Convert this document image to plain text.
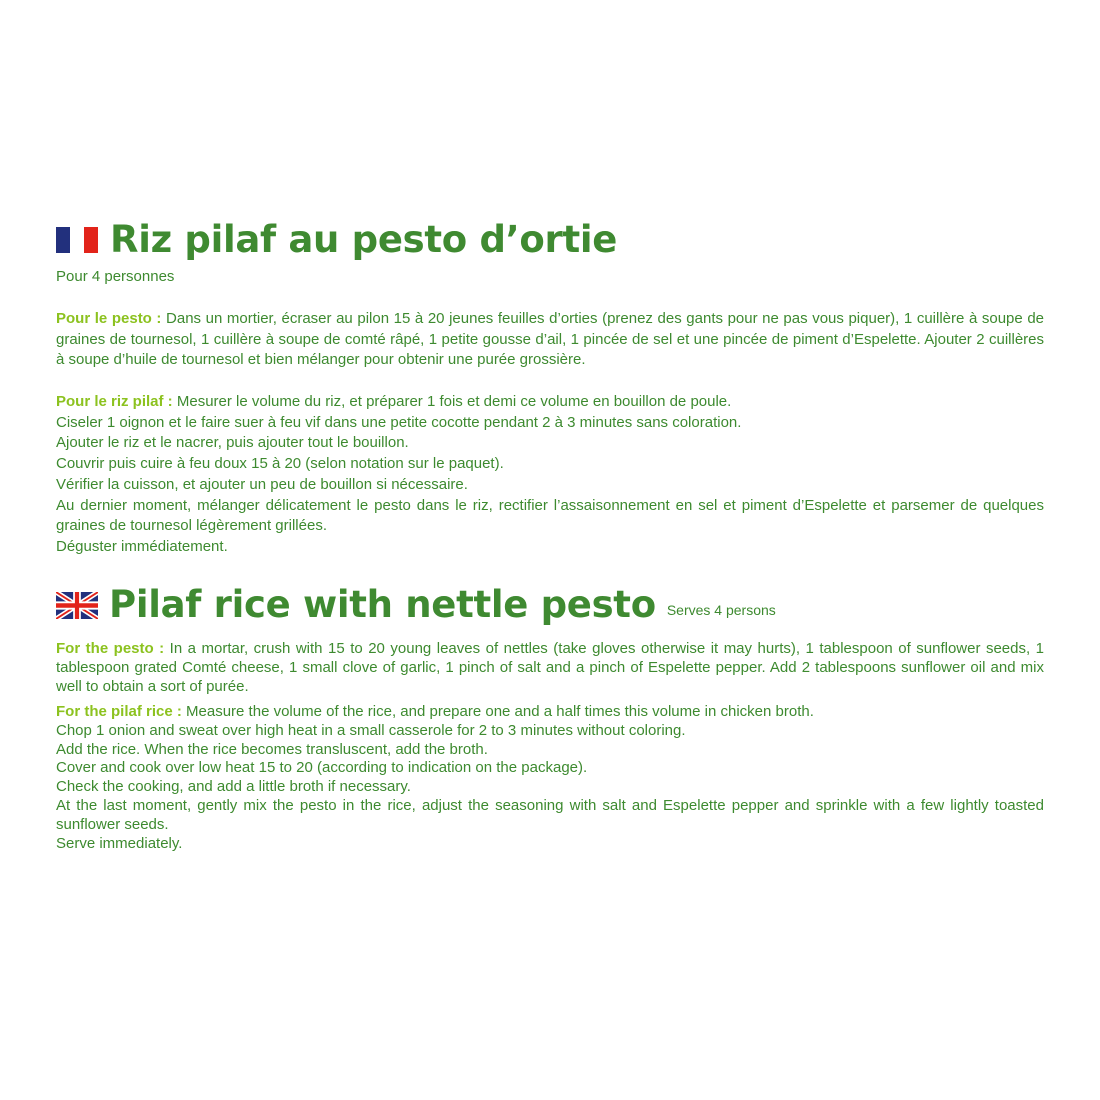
Riz pilaf au pesto d’ortie
Pour 4 personnes
Pour le pesto : Dans un mortier, écraser au pilon 15 à 20 jeunes feuilles d’orties (prenez des gants pour ne pas vous piquer), 1 cuillère à soupe de graines de tournesol, 1 cuillère à soupe de comté râpé, 1 petite gousse d’ail, 1 pincée de sel et une pincée de piment d’Espelette. Ajouter 2 cuillères à soupe d’huile de tournesol et bien mélanger pour obtenir une purée grossière.
Pour le riz pilaf : Mesurer le volume du riz, et préparer 1 fois et demi ce volume en bouillon de poule.
Ciseler 1 oignon et le faire suer à feu vif dans une petite cocotte pendant 2 à 3 minutes sans coloration.
Ajouter le riz et le nacrer, puis ajouter tout le bouillon.
Couvrir puis cuire à feu doux 15 à 20 (selon notation sur le paquet).
Vérifier la cuisson, et ajouter un peu de bouillon si nécessaire.
Au dernier moment, mélanger délicatement le pesto dans le riz, rectifier l’assaisonnement en sel et piment d’Espelette et parsemer de quelques graines de tournesol légèrement grillées.
Déguster immédiatement.
Pilaf rice with nettle pesto Serves 4 persons
For the pesto : In a mortar, crush with 15 to 20 young leaves of nettles (take gloves otherwise it may hurts), 1 tablespoon of sunflower seeds, 1 tablespoon grated Comté cheese, 1 small clove of garlic, 1 pinch of salt and a pinch of Espelette pepper. Add 2 tablespoons sunflower oil and mix well to obtain a sort of purée.
For the pilaf rice : Measure the volume of the rice, and prepare one and a half times this volume in chicken broth.
Chop 1 onion and sweat over high heat in a small casserole for 2 to 3 minutes without coloring.
Add the rice. When the rice becomes transluscent, add the broth.
Cover and cook over low heat 15 to 20 (according to indication on the package).
Check the cooking, and add a little broth if necessary.
At the last moment, gently mix the pesto in the rice, adjust the seasoning with salt and Espelette pepper and sprinkle with a few lightly toasted sunflower seeds.
Serve immediately.
